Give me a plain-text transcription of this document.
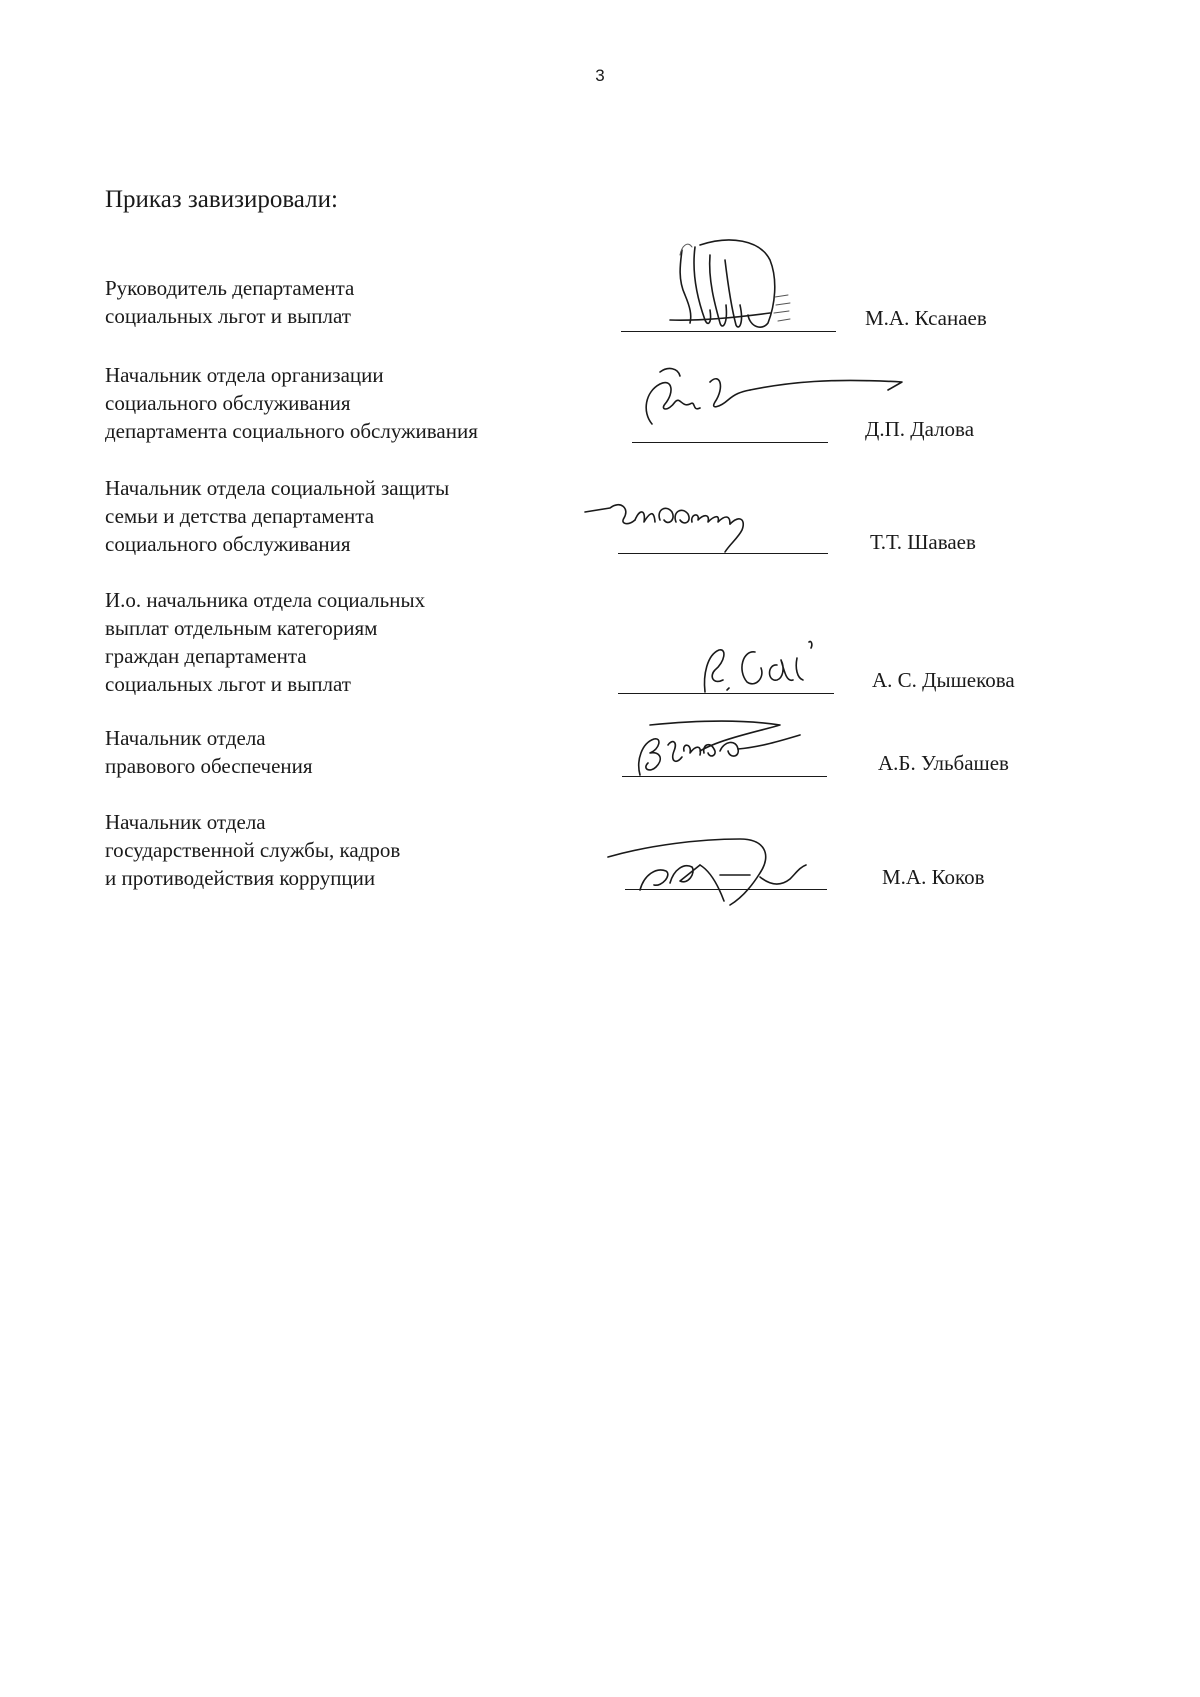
3
Приказ завизировали:
Руководитель департамента
социальных льгот и выплат	М.А. Ксанаев
Начальник отдела организации
социального обслуживания
департамента социального обслуживания	Д.П. Далова
Начальник отдела социальной защиты
семьи и детства департамента
социального обслуживания	Т.Т. Шаваев
И.о. начальника отдела социальных
выплат отдельным категориям
граждан департамента
социальных льгот и выплат	А. С. Дышекова
Начальник отдела
правового обеспечения	А.Б. Ульбашев
Начальник отдела
государственной службы, кадров
и противодействия коррупции	М.А. Коков
